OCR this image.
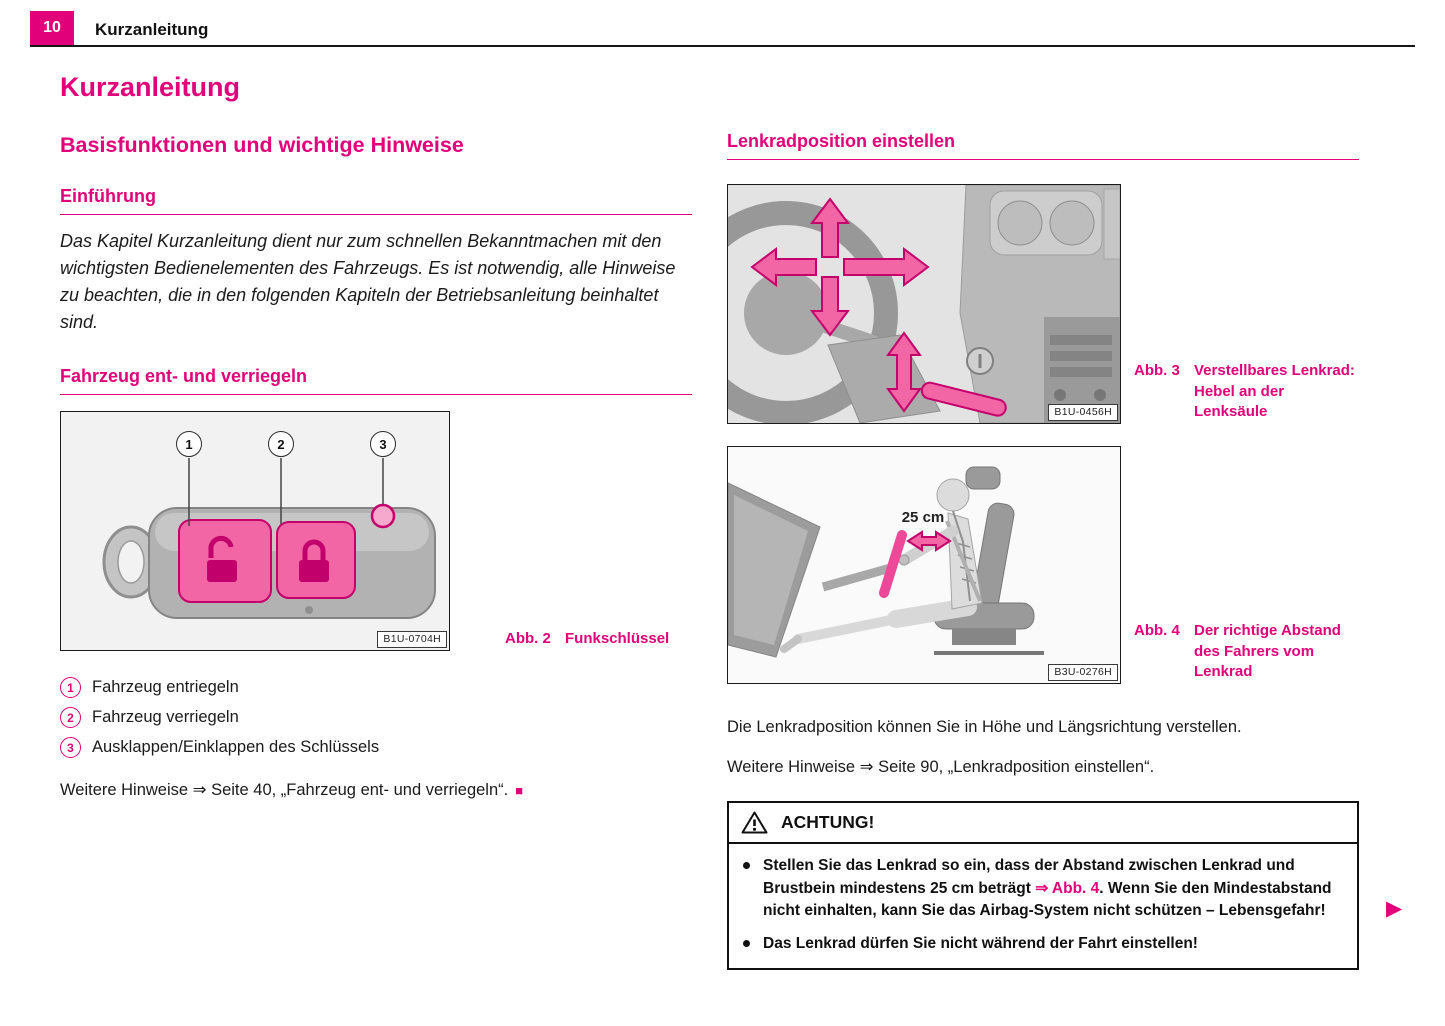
10 Kurzanleitung
Kurzanleitung
Basisfunktionen und wichtige Hinweise
Einführung

Das Kapitel Kurzanleitung dient nur zum schnellen Bekanntmachen mit den wichtigsten Bedienelementen des Fahrzeugs. Es ist notwendig, alle Hinweise zu beachten, die in den folgenden Kapiteln der Betriebsanleitung beinhaltet sind.

Fahrzeug ent- und verriegeln
1	2	3
B1U-0704H	Abb. 2 Funkschlüssel
1	Fahrzeug entriegeln
2	Fahrzeug verriegeln
3	Ausklappen/Einklappen des Schlüssels

Weitere Hinweise ⇒ Seite 40, „Fahrzeug ent- und verriegeln“. ■

Lenkradposition einstellen
B1U-0456H
Abb. 3 Verstellbares Lenkrad: Hebel an der Lenksäule
25 cm
B3U-0276H
Abb. 4 Der richtige Abstand des Fahrers vom Lenkrad

Die Lenkradposition können Sie in Höhe und Längsrichtung verstellen.

Weitere Hinweise ⇒ Seite 90, „Lenkradposition einstellen“.

ACHTUNG!
Stellen Sie das Lenkrad so ein, dass der Abstand zwischen Lenkrad und Brustbein mindestens 25 cm beträgt ⇒ Abb. 4. Wenn Sie den Mindestabstand nicht einhalten, kann Sie das Airbag-System nicht schützen – Lebensgefahr!
Das Lenkrad dürfen Sie nicht während der Fahrt einstellen!
▶
